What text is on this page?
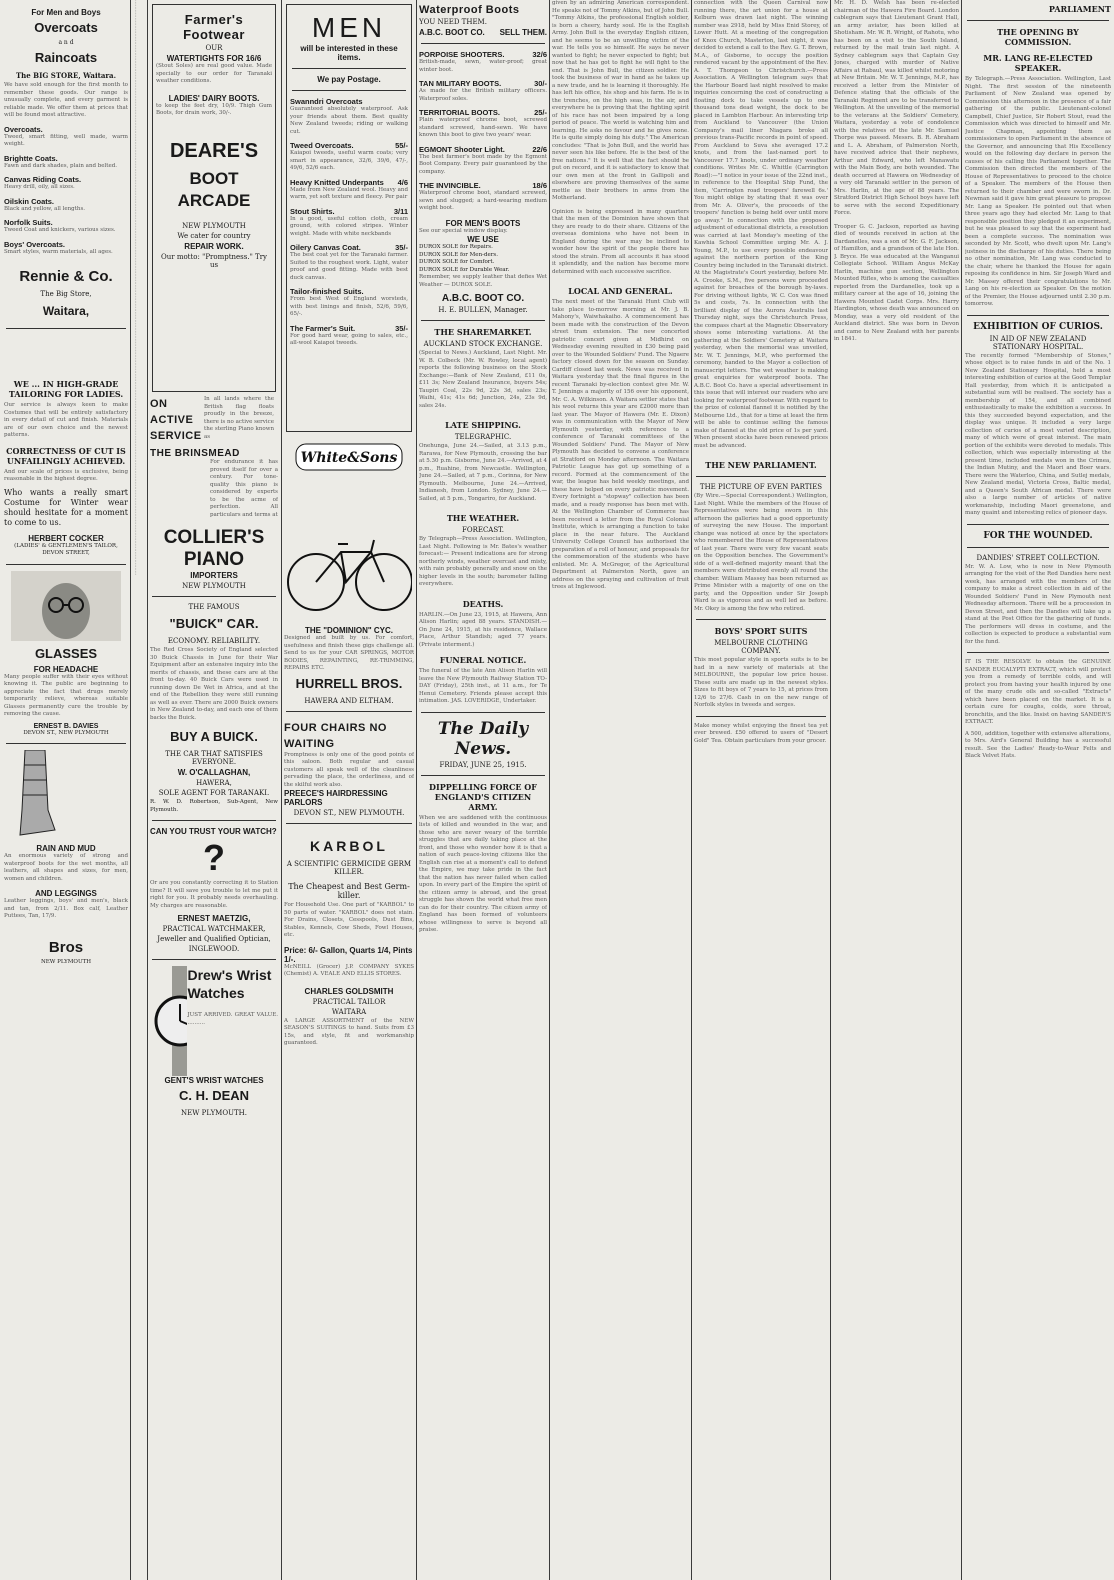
For Men and Boys
Overcoats
a n d
Raincoats
The BIG STORE, Waitara.
We have sold enough for the first month to remember these goods. Our range is unusually complete, and every garment is reliable made. We offer them at prices that will be found most attractive.
Overcoats.
Tweed, smart fitting, well made, warm weight.
Brightte Coats.
Fawn and dark shades, plain and belted.
Canvas Riding Coats.
Heavy drill, oily, all sizes.
Oilskin Coats.
Black and yellow, all lengths.
Norfolk Suits.
Tweed Coat and knickers, various sizes.
Boys' Overcoats.
Smart styles, warm materials, all ages.
Rennie & Co.
The Big Store,
Waitara,
WE ... IN HIGH-GRADE TAILORING FOR LADIES.
Our service is always keen to make Costumes that will be entirely satisfactory in every detail of cut and finish. Materials are of our own choice and the newest patterns.
CORRECTNESS OF CUT IS UNFAILINGLY ACHIEVED.
And our scale of prices is exclusive, being reasonable in the highest degree.
Who wants a really smart Costume for Winter wear should hesitate for a moment to come to us.
HERBERT COCKER
(LADIES' & GENTLEMEN'S TAILOR, DEVON STREET,
GLASSES
FOR HEADACHE
Many people suffer with their eyes without knowing it. The public are beginning to appreciate the fact that drugs merely temporarily relieve, whereas suitable Glasses permanently cure the trouble by removing the cause.
ERNEST B. DAVIES
DEVON ST., NEW PLYMOUTH
RAIN AND MUD
An enormous variety of strong and waterproof boots for the wet months, all leathers, all shapes and sizes, for men, women and children.
AND LEGGINGS
Leather leggings, boys' and men's, black and tan, from 2/11. Box calf, Leather Puttees, Tan, 17/9.
Bros
NEW PLYMOUTH
..........................................................................................................................................................................................................................................................................................................................................................................	Farmer's Footwear
OUR
WATERTIGHTS FOR 16/6
(Stout Soles) are real good value. Made specially to our order for Taranaki weather conditions.
LADIES' DAIRY BOOTS.
to keep the feet dry, 10/9. Thigh Gum Boots, for drain work, 30/-.
DEARE'S
BOOT ARCADE
NEW PLYMOUTH
We cater for country
REPAIR WORK.
Our motto: "Promptness." Try us
ON ACTIVE SERVICE
In all lands where the British flag floats proudly in the breeze, there is no active service the sterling Piano known as
THE BRINSMEAD
For endurance it has proved itself for over a century. For tone-quality this piano is considered by experts to be the acme of perfection. All particulars and terms at
COLLIER'S
PIANO
IMPORTERS
NEW PLYMOUTH
THE FAMOUS
"BUICK" CAR.
ECONOMY. RELIABILITY.
The Red Cross Society of England selected 30 Buick Chassis in June for their War Equipment after an extensive inquiry into the merits of chassis, and these cars are at the front to-day. 40 Buick Cars were used in running down De Wet in Africa, and at the end of the Rebellion they were still running as well as ever. There are 2000 Buick owners in New Zealand to-day, and each one of them backs the Buick.
BUY A BUICK.
THE CAR THAT SATISFIES EVERYONE.
W. O'CALLAGHAN,
HAWERA,
SOLE AGENT FOR TARANAKI.
R. W. D. Robertson, Sub-Agent, New Plymouth.
CAN YOU TRUST YOUR WATCH?
?
Or are you constantly correcting it to Station time? It will save you trouble to let me put it right for you. It probably needs overhauling. My charges are reasonable.
ERNEST MAETZIG,
PRACTICAL WATCHMAKER,
Jeweller and Qualified Optician,
INGLEWOOD.
Drew's Wrist Watches
JUST ARRIVED. GREAT VALUE. ..........
GENT'S WRIST WATCHES
C. H. DEAN
NEW PLYMOUTH.
MEN
will be interested in these items.
We pay Postage.
Swanndri Overcoats
Guaranteed absolutely waterproof. Ask your friends about them. Best quality New Zealand tweeds; riding or walking cut.
Tweed Overcoats.	55/-
Kaiapoi tweeds, useful warm coats; very smart in appearance, 32/6, 39/6, 47/-, 49/6, 52/6 each.
Heavy Knitted Underpants 4/6
Made from New Zealand wool. Heavy and warm, yet soft texture and fleecy. Per pair
Stout Shirts.	3/11
In a good, useful cotton cloth, cream ground, with colored stripes. Winter weight. Made with white neckbands
Oilery Canvas Coat.	35/-
The best coat yet for the Taranaki farmer. Suited to the roughest work. Light, water proof and good fitting. Made with best duck canvas.
Tailor-finished Suits.
From best West of England worsteds, with best linings and finish, 52/6, 59/6, 65/-.
The Farmer's Suit.	35/-
For good hard wear, going to sales, etc., all-wool Kaiapoi tweeds.
White&Sons
THE "DOMINION" CYC.
Designed and built by us. For comfort, usefulness and finish these gigs challenge all. Send to us for your CAR SPRINGS, MOTOR BODIES, REPAINTING, RE-TRIMMING, REPAIRS ETC.
HURRELL BROS.
HAWERA AND ELTHAM.
FOUR CHAIRS NO WAITING
Promptness is only one of the good points of this saloon. Both regular and casual customers all speak well of the cleanliness pervading the place, the orderliness, and of the skilful work also.
PREECE'S HAIRDRESSING PARLORS
DEVON ST., NEW PLYMOUTH.
KARBOL
A SCIENTIFIC GERMICIDE GERM KILLER.
The Cheapest and Best Germ-killer.
For Household Use. One part of "KARBOL" to 50 parts of water. "KARBOL" does not stain. For Drains, Closets, Cesspools, Dust Bins, Stables, Kennels, Cow Sheds, Fowl Houses, etc.
Price: 6/- Gallon, Quarts 1/4, Pints 1/-.
McNEILL (Grocer) J.P. COMPANY SYKES (Chemist) A. VEALE AND ELLIS STORES.
CHARLES GOLDSMITH
PRACTICAL TAILOR
WAITARA
A LARGE ASSORTMENT of the NEW SEASON'S SUITINGS to hand. Suits from £3 15s, and style, fit and workmanship guaranteed.
Waterproof Boots
YOU NEED THEM.
A.B.C. BOOT CO. SELL THEM.
PORPOISE SHOOTERS.	32/6
British-made, sewn, water-proof; great winter boot.
TAN MILITARY BOOTS.	30/-
As made for the British military officers. Waterproof soles.
TERRITORIAL BOOTS.	25/-
Plain waterproof chrome boot, screwed standard screwed, hand-sewn. We have known this boot to give two years' wear.
EGMONT Shooter Light.	22/6
The best farmer's boot made by the Egmont Boot Company. Every pair guaranteed by the company.
THE INVINCIBLE.	18/6
Waterproof chrome boot, standard screwed, sewn and slugged; a hard-wearing medium weight boot.
FOR MEN'S BOOTS
See our special window display.
WE USE
DUROX SOLE for Repairs.
DUROX SOLE for Men-ders.
DUROX SOLE for Comfort.
DUROX SOLE for Durable Wear.
Remember, we supply leather that defies Wet Weather — DUROX SOLE.
A.B.C. BOOT CO.
H. E. BULLEN, Manager.
THE SHAREMARKET.
AUCKLAND STOCK EXCHANGE.
(Special to News.) Auckland, Last Night. Mr. W. B. Colbeck (Mr. W. Rowley, local agent) reports the following business on the Stock Exchange:—Bank of New Zealand, £11 0s, £11 3s; New Zealand Insurance, buyers 54s; Taupiri Coal, 22s 9d, 22s 3d, sales 23s; Waihi, 41s; 41s 6d; Junction, 24s, 23s 9d, sales 24s.
LATE SHIPPING.
TELEGRAPHIC.
Onehunga, June 24.—Sailed, at 3.13 p.m., Rarawa, for New Plymouth, crossing the bar at 5.30 p.m. Gisborne, June 24.—Arrived, at 4 p.m., Ruahine, from Newcastle. Wellington, June 24.—Sailed, at 7 p.m., Corinna, for New Plymouth. Melbourne, June 24.—Arrived, Indianesh, from London. Sydney, June 24.—Sailed, at 5 p.m., Tongariro, for Auckland.
THE WEATHER.
FORECAST.
By Telegraph—Press Association. Wellington, Last Night. Following is Mr. Bates's weather forecast:— Present indications are for strong northerly winds, weather overcast and misty, with rain probably generally and snow on the higher levels in the south; barometer falling everywhere.
DEATHS.
HARLIN.—On June 23, 1915, at Hawera, Ann Alison Harlin; aged 88 years. STANDISH.—On June 24, 1915, at his residence, Wallace Place, Arthur Standish; aged 77 years. (Private interment.)
FUNERAL NOTICE.
The funeral of the late Ann Alison Harlin will leave the New Plymouth Railway Station TO-DAY (Friday), 25th inst., at 11 a.m., for Te Henui Cemetery. Friends please accept this intimation. JAS. LOVERIDGE, Undertaker.
The Daily News.
FRIDAY, JUNE 25, 1915.
DIPPELLING FORCE OF ENGLAND'S CITIZEN ARMY.
When we are saddened with the continuous lists of killed and wounded in the war, and those who are never weary of the terrible struggles that are daily taking place at the front, and those who wonder how it is that a nation of such peace-loving citizens like the English can rise at a moment's call to defend the Empire, we may take pride in the fact that the nation has never failed when called upon. In every part of the Empire the spirit of the citizen army is abroad, and the great struggle has shown the world what free men can do for their country. The citizen army of England has been formed of volunteers whose willingness to serve is beyond all praise.
given by an admiring American correspondent. He speaks not of Tommy Atkins, but of John Bull. "Tommy Atkins, the professional English soldier, is born a cheery, hardy soul. He is the English Army. John Bull is the everyday English citizen, and he seems to be an unwilling victim of the war. He tells you so himself. He says he never wanted to fight; he never expected to fight; but now that he has got to fight he will fight to the end. That is John Bull, the citizen soldier. He took the business of war in hand as he takes up a new trade, and he is learning it thoroughly. He has left his office, his shop and his farm. He is in the trenches, on the high seas, in the air, and everywhere he is proving that the fighting spirit of his race has not been impaired by a long period of peace. The world is watching him and learning. He asks no favour and he gives none. He is quite simply doing his duty." The American concludes: "That is John Bull, and the world has never seen his like before. He is the best of the free nations." It is well that the fact should be put on record, and it is satisfactory to know that our own men at the front in Gallipoli and elsewhere are proving themselves of the same mettle as their brothers in arms from the Motherland.
Opinion is being expressed in many quarters that the men of the Dominion have shown that they are ready to do their share. Citizens of the overseas dominions who have not been in England during the war may be inclined to wonder how the spirit of the people there has stood the strain. From all accounts it has stood it splendidly, and the nation has become more determined with each successive sacrifice.
LOCAL AND GENERAL.
The next meet of the Taranaki Hunt Club will take place to-morrow morning at Mr. J. B. Mahony's, Waiwhakaiho. A commencement has been made with the construction of the Devon street tram extension. The new concerted patriotic concert given at Midhirst on Wednesday evening resulted in £30 being paid over to the Wounded Soldiers' Fund. The Ngaere factory closed down for the season on Sunday. Cardiff closed last week. News was received in Waitara yesterday that the final figures in the recent Taranaki by-election contest give Mr. W. T. Jennings a majority of 156 over his opponent, Mr. C. A. Wilkinson. A Waitara settler states that his wool returns this year are £2000 more than last year. The Mayor of Hawera (Mr. E. Dixon) was in communication with the Mayor of New Plymouth yesterday, with reference to a conference of Taranaki committees of the Wounded Soldiers' Fund. The Mayor of New Plymouth has decided to convene a conference at Stratford on Monday afternoon. The Waitara Patriotic League has got up something of a record. Formed at the commencement of the war, the league has held weekly meetings, and these have helped on every patriotic movement. Every fortnight a "stopway" collection has been made, and a ready response has been met with. At the Wellington Chamber of Commerce has been received a letter from the Royal Colonial Institute, which is arranging a function to take place in the near future. The Auckland University College Council has authorised the preparation of a roll of honour, and proposals for the commemoration of the students who have enlisted. Mr. A. McGregor, of the Agricultural Department at Palmerston North, gave an address on the spraying and cultivation of fruit trees at Inglewood.
connection with the Queen Carnival now running there, the art union for a house at Kelburn was drawn last night. The winning number was 2918, held by Miss Enid Storey, of Lower Hutt. At a meeting of the congregation of Knox Church, Masterton, last night, it was decided to extend a call to the Rev. G. T. Brown, M.A., of Gisborne, to occupy the position rendered vacant by the appointment of the Rev. A. T. Thompson to Christchurch.—Press Association. A Wellington telegram says that the Harbour Board last night resolved to make inquiries concerning the cost of constructing a floating dock to take vessels up to one thousand tons dead weight, the dock to be placed in Lambton Harbour. An interesting trip from Auckland to Vancouver (the Union Company's mail liner Niagara broke all previous trans-Pacific records in point of speed. From Auckland to Suva she averaged 17.2 knots, and from the last-named port to Vancouver 17.7 knots, under ordinary weather conditions. Writes Mr. C. Whittle (Carrington Road):—"I notice in your issue of the 22nd inst., in reference to the Hospital Ship Fund, the item, 'Carrington road troopers' farewell 6s.' You might oblige by stating that it was over from Mr. A. Oliver's, the proceeds of the troopers' function is being held over until more go away." In connection with the proposed adjustment of educational districts, a resolution was carried at last Monday's meeting of the Kawhia School Committee urging Mr. A. J. Young, M.P., to use every possible endeavour against the northern portion of the King Country being included in the Taranaki district. At the Magistrate's Court yesterday, before Mr. A. Crooke, S.M., five persons were proceeded against for breaches of the borough by-laws. For driving without lights, W. C. Cox was fined 5s and costs, 7s. In connection with the brilliant display of the Aurora Australis last Thursday night, says the Christchurch Press, the compass chart at the Magnetic Observatory shows some interesting variations. At the gathering at the Soldiers' Cemetery at Waitara yesterday, when the memorial was unveiled, Mr. W. T. Jennings, M.P., who performed the ceremony, handed to the Mayor a collection of manuscript letters. The wet weather is making great enquiries for waterproof boots. The A.B.C. Boot Co. have a special advertisement in this issue that will interest our readers who are looking for waterproof footwear. With regard to the prize of colonial flannel it is notified by the Melbourne Ltd., that for a time at least the firm will be able to continue selling the famous make of flannel at the old price of 1s per yard. When present stocks have been renewed prices must be advanced.
THE NEW PARLIAMENT.
THE PICTURE OF EVEN PARTIES
(By Wire.—Special Correspondent.) Wellington, Last Night. While the members of the House of Representatives were being sworn in this afternoon the galleries had a good opportunity of surveying the new House. The important change was noticed at once by the spectators who remembered the House of Representatives of last year. There were very few vacant seats on the Opposition benches. The Government's side of a well-defined majority meant that the members were distributed evenly all round the chamber. William Massey has been returned as Prime Minister with a majority of one on the party, and the Opposition under Sir Joseph Ward is as vigorous and as well led as before. Mr. Okey is among the few who retired.
BOYS' SPORT SUITS
MELBOURNE CLOTHING COMPANY.
This most popular style in sports suits is to be had in a new variety of materials at the MELBOURNE, the popular low price house. These suits are made up in the newest styles. Sizes to fit boys of 7 years to 15, at prices from 12/6 to 27/6. Cash in on the new range of Norfolk styles in tweeds and serges.
Make money whilst enjoying the finest tea yet ever brewed. £50 offered to users of "Desert Gold" Tea. Obtain particulars from your grocer.
Mr. H. D. Welsh has been re-elected chairman of the Hawera Fire Board. London cablegram says that Lieutenant Grant Hall, an army aviator, has been killed at Shotisham. Mr. W. R. Wright, of Rahotu, who has been on a visit to the South Island, returned by the mail train last night. A Sydney cablegram says that Captain Guy Jones, charged with murder of Native Affairs at Rabaul, was killed whilst motoring at New Britain. Mr. W. T. Jennings, M.P., has received a letter from the Minister of Defence stating that the officials of the Taranaki Regiment are to be transferred to Wellington. At the unveiling of the memorial to the veterans at the Soldiers' Cemetery, Waitara, yesterday a vote of condolence with the relatives of the late Mr. Samuel Thorpe was passed. Messrs. B. R. Abraham and L. A. Abraham, of Palmerston North, have received advice that their nephews, Arthur and Edward, who left Manawatu with the Main Body, are both wounded. The death occurred at Hawera on Wednesday of a very old Taranaki settler in the person of Mrs. Harlin, at the age of 88 years. The Stratford District High School boys have left to serve with the second Expeditionary Force.
Trooper G. C. Jackson, reported as having died of wounds received in action at the Dardanelles, was a son of Mr. G. F. Jackson, of Hamilton, and a grandson of the late Hon. J. Bryce. He was educated at the Wanganui Collegiate School. William Angus McKay Harlin, machine gun section, Wellington Mounted Rifles, who is among the casualties reported from the Dardanelles, took up a military career at the age of 16, joining the Hawera Mounted Cadet Corps. Mrs. Harry Hardington, whose death was announced on Monday, was a very old resident of the Auckland district. She was born in Devon and came to New Zealand with her parents in 1841.
PARLIAMENT
THE OPENING BY COMMISSION.
MR. LANG RE-ELECTED SPEAKER.
By Telegraph.—Press Association. Wellington, Last Night. The first session of the nineteenth Parliament of New Zealand was opened by Commission this afternoon in the presence of a fair gathering of the public. Lieutenant-colonel Campbell, Chief Justice, Sir Robert Stout, read the Commission which was directed to himself and Mr. Justice Chapman, appointing them as commissioners to open Parliament in the absence of the Governor, and announcing that His Excellency would on the following day declare in person the causes of his calling this Parliament together. The Commission then directed the members of the House of Representatives to proceed to the choice of a Speaker. The members of the House then returned to their chamber and were sworn in. Dr. Newman said it gave him great pleasure to propose Mr. Lang as Speaker. He pointed out that when three years ago they had elected Mr. Lang to that responsible position they pledged it an experiment, but he was pleased to say that the experiment had been a complete success. The nomination was seconded by Mr. Scott, who dwelt upon Mr. Lang's justness in the discharge of his duties. There being no other nomination, Mr. Lang was conducted to the chair, where he thanked the House for again reposing its confidence in him. Sir Joseph Ward and Mr. Massey offered their congratulations to Mr. Lang on his re-election as Speaker. On the motion of the Premier, the House adjourned until 2.30 p.m. tomorrow.
EXHIBITION OF CURIOS.
IN AID OF NEW ZEALAND STATIONARY HOSPITAL.
The recently formed "Membership of Stones," whose object is to raise funds in aid of the No. 1 New Zealand Stationary Hospital, held a most interesting exhibition of curios at the Good Templar Hall yesterday, from which it is anticipated a substantial sum will be realised. The society has a membership of 154, and all combined enthusiastically to make the exhibition a success. In this they succeeded beyond expectation, and the display was unique. It included a very large collection of curios of a most varied description, many of which were of great interest. The main portion of the exhibits were devoted to medals. This collection, which was especially interesting at the present time, included medals won in the Crimea, the Indian Mutiny, and the Maori and Boer wars. There were the Waterloo, China, and Sutlej medals, New Zealand medal, Victoria Cross, Baltic medal, and a Queen's South African medal. There were also a large number of articles of native workmanship, including Maori greenstone, and many quaint and interesting relics of pioneer days.
FOR THE WOUNDED.
DANDIES' STREET COLLECTION.
Mr. W. A. Low, who is now in New Plymouth arranging for the visit of the Red Dandies here next week, has arranged with the members of the company to make a street collection in aid of the Wounded Soldiers' Fund in New Plymouth next Wednesday afternoon. There will be a procession in Devon Street, and then the Dandies will take up a stand at the Post Office for the gathering of funds. The performers will dress in costume, and the collection is expected to produce a substantial sum for the fund.
IT IS THE RESOLVE to obtain the GENUINE SANDER EUCALYPTI EXTRACT, which will protect you from a remedy of terrible colds, and will protect you from having your health injured by one of the many crude oils and so-called "Extracts" which have been placed on the market. It is a certain cure for coughs, colds, sore throat, bronchitis, and the like. Insist on having SANDER'S EXTRACT.
A 500, addition, together with extensive alterations, to Mrs. Aird's General Building has a successful result. See the Ladies' Ready-to-Wear Felts and Black Velvet Hats.
